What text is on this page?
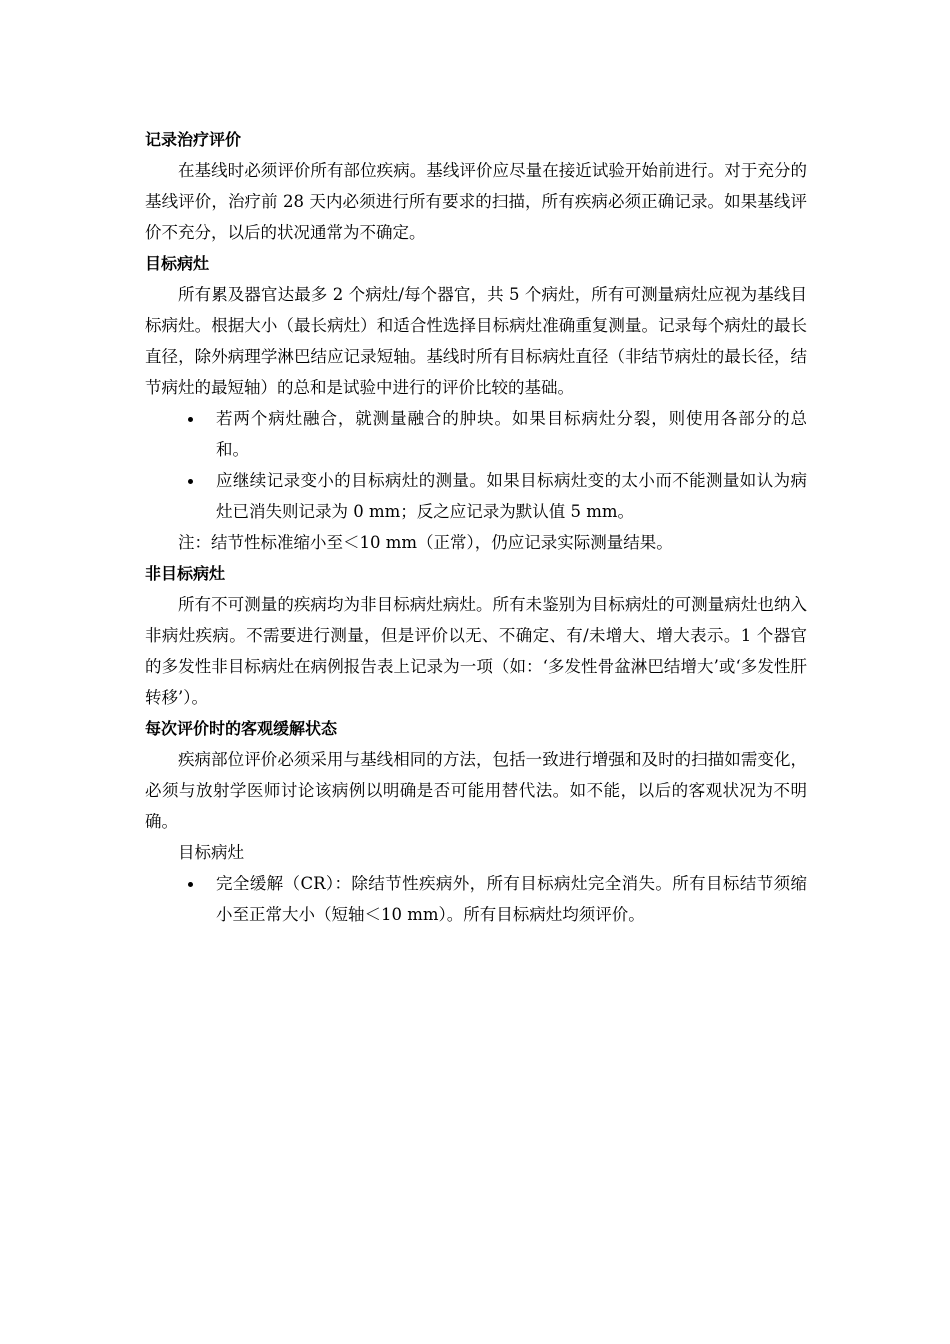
记录治疗评价

在基线时必须评价所有部位疾病。基线评价应尽量在接近试验开始前进行。对于充分的基线评价，治疗前 28 天内必须进行所有要求的扫描，所有疾病必须正确记录。如果基线评价不充分，以后的状况通常为不确定。

目标病灶

所有累及器官达最多 2 个病灶/每个器官，共 5 个病灶，所有可测量病灶应视为基线目标病灶。根据大小（最长病灶）和适合性选择目标病灶准确重复测量。记录每个病灶的最长直径，除外病理学淋巴结应记录短轴。基线时所有目标病灶直径（非结节病灶的最长径，结节病灶的最短轴）的总和是试验中进行的评价比较的基础。

若两个病灶融合，就测量融合的肿块。如果目标病灶分裂，则使用各部分的总和。
应继续记录变小的目标病灶的测量。如果目标病灶变的太小而不能测量如认为病灶已消失则记录为 0 mm；反之应记录为默认值 5 mm。

注：结节性标准缩小至＜10 mm（正常），仍应记录实际测量结果。

非目标病灶

所有不可测量的疾病均为非目标病灶病灶。所有未鉴别为目标病灶的可测量病灶也纳入非病灶疾病。不需要进行测量，但是评价以无、不确定、有/未增大、增大表示。1 个器官的多发性非目标病灶在病例报告表上记录为一项（如：‘多发性骨盆淋巴结增大’或‘多发性肝转移’）。

每次评价时的客观缓解状态

疾病部位评价必须采用与基线相同的方法，包括一致进行增强和及时的扫描如需变化，必须与放射学医师讨论该病例以明确是否可能用替代法。如不能，以后的客观状况为不明确。

目标病灶

完全缓解（CR）：除结节性疾病外，所有目标病灶完全消失。所有目标结节须缩小至正常大小（短轴＜10 mm）。所有目标病灶均须评价。
